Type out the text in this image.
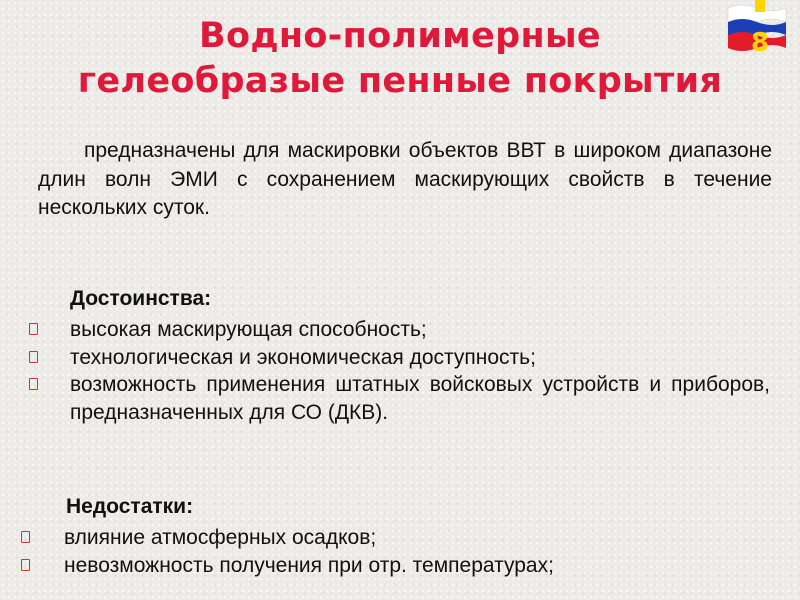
Водно-полимерные
гелеобразые пенные покрытия
8
предназначены для маскировки объектов ВВТ в широком диапазоне длин волн ЭМИ с сохранением маскирующих свойств в течение нескольких суток.
Достоинства:
высокая маскирующая способность;
технологическая и экономическая доступность;
возможность применения штатных войсковых устройств и приборов, предназначенных для СО (ДКВ).
Недостатки:
влияние атмосферных осадков;
невозможность получения при отр. температурах;
